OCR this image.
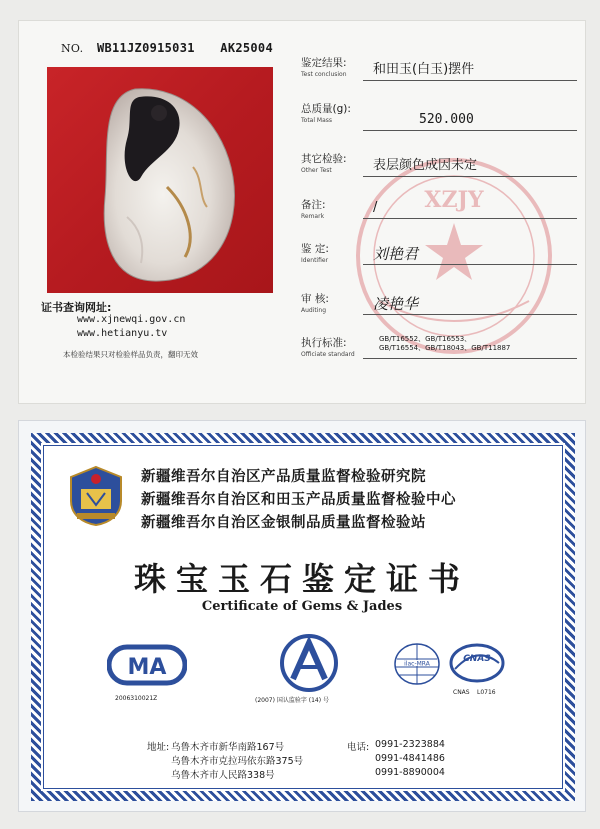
NO. WB11JZ0915031 AK25004
证书查询网址:
www.xjnewqi.gov.cn
www.hetianyu.tv
本检验结果只对检验样品负责，翻印无效
XZJY
鉴定结果:
Test conclusion	和田玉(白玉)摆件
总质量(g):
Total Mass	520.000
其它检验:
Other Test	表层颜色成因未定
备注:
Remark
/
鉴 定:
Identifier	刘艳君
审 核:
Auditing	凌艳华
执行标准:
Officiate standard
GB/T16552、GB/T16553、
GB/T16554、GB/T18043、GB/T11887
新疆维吾尔自治区产品质量监督检验研究院
新疆维吾尔自治区和田玉产品质量监督检验中心
新疆维吾尔自治区金银制品质量监督检验站
珠宝玉石鉴定证书
Certificate of Gems & Jades
MA
2006310021Z	(2007) 国认监验字 (14) 号
ilac-MRA	CNAS
CNAS L0716
地址: 乌鲁木齐市新华南路167号
乌鲁木齐市克拉玛依东路375号
乌鲁木齐市人民路338号
电话: 0991-2323884
0991-4841486
0991-8890004
